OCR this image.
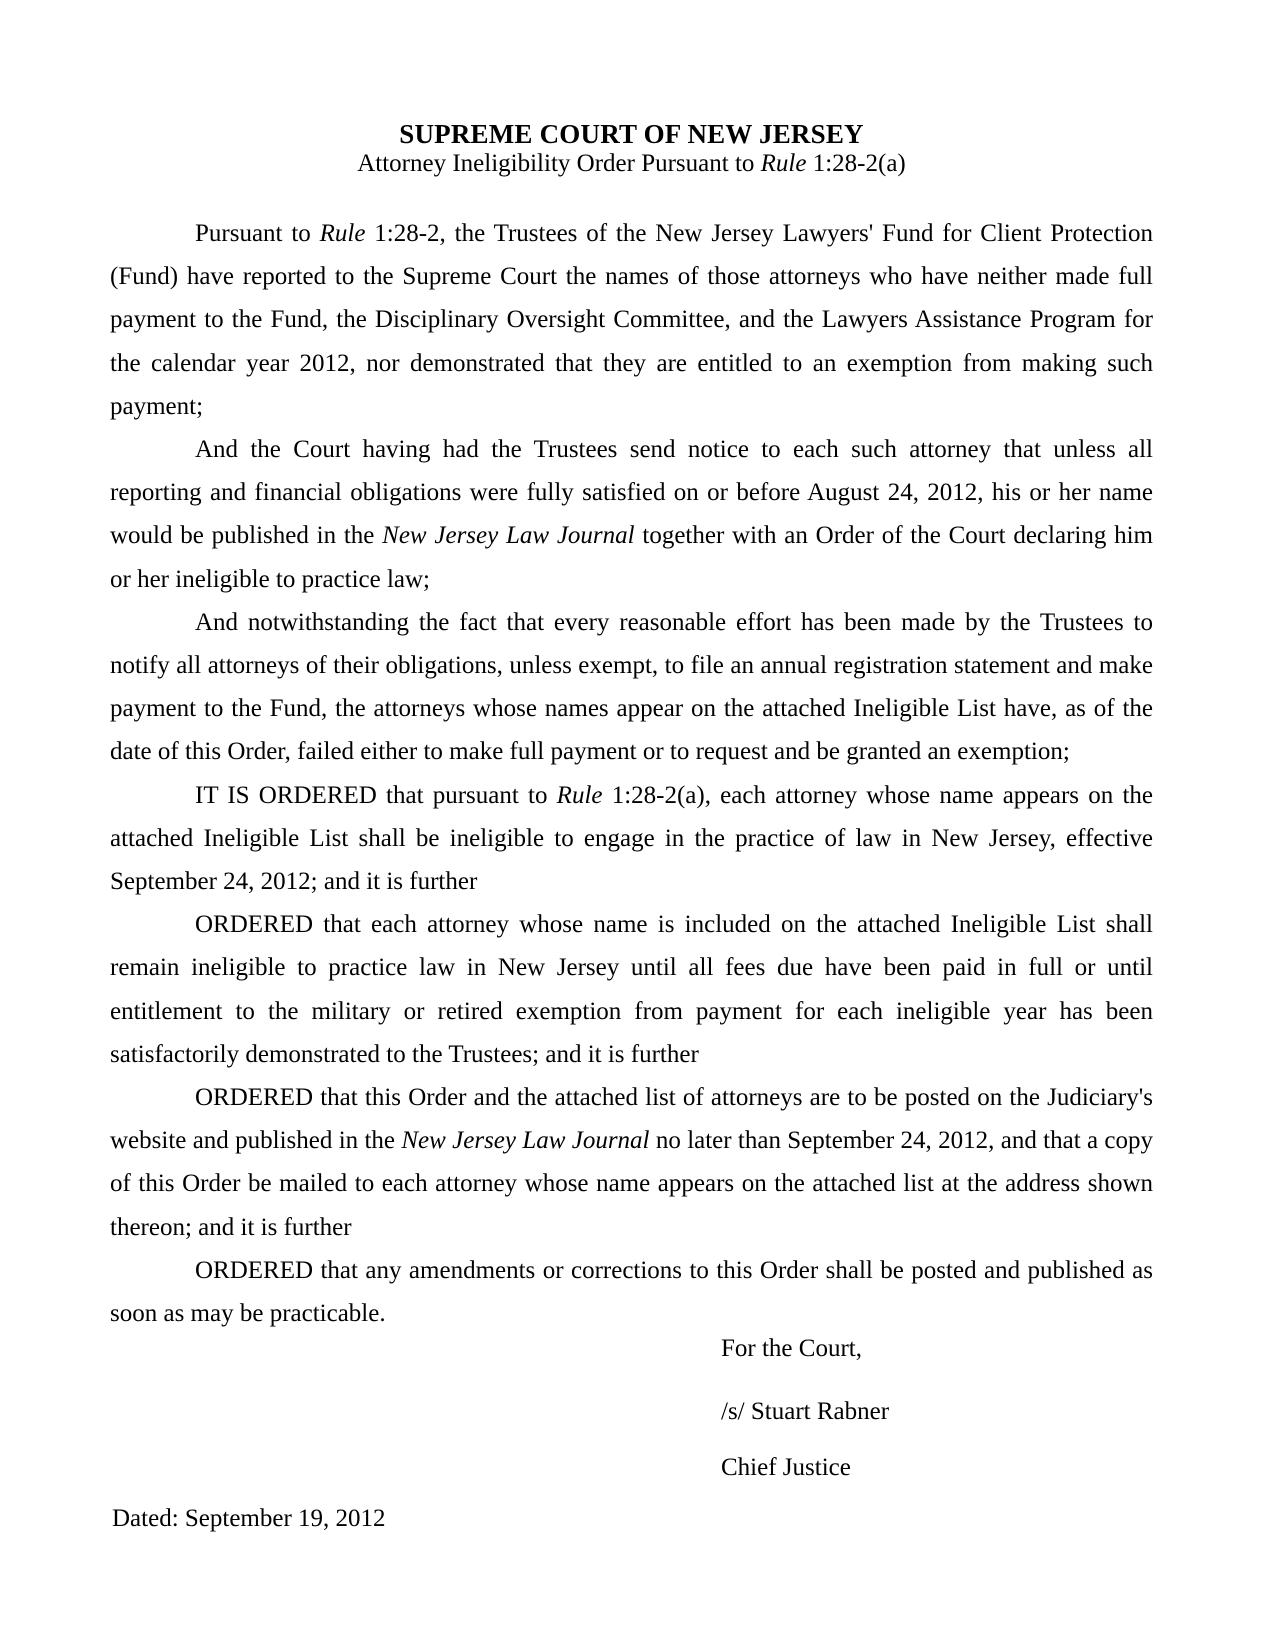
SUPREME COURT OF NEW JERSEY
Attorney Ineligibility Order Pursuant to Rule 1:28-2(a)

Pursuant to Rule 1:28-2, the Trustees of the New Jersey Lawyers' Fund for Client Protection (Fund) have reported to the Supreme Court the names of those attorneys who have neither made full payment to the Fund, the Disciplinary Oversight Committee, and the Lawyers Assistance Program for the calendar year 2012, nor demonstrated that they are entitled to an exemption from making such payment;

And the Court having had the Trustees send notice to each such attorney that unless all reporting and financial obligations were fully satisfied on or before August 24, 2012, his or her name would be published in the New Jersey Law Journal together with an Order of the Court declaring him or her ineligible to practice law;

And notwithstanding the fact that every reasonable effort has been made by the Trustees to notify all attorneys of their obligations, unless exempt, to file an annual registration statement and make payment to the Fund, the attorneys whose names appear on the attached Ineligible List have, as of the date of this Order, failed either to make full payment or to request and be granted an exemption;

IT IS ORDERED that pursuant to Rule 1:28-2(a), each attorney whose name appears on the attached Ineligible List shall be ineligible to engage in the practice of law in New Jersey, effective September 24, 2012; and it is further

ORDERED that each attorney whose name is included on the attached Ineligible List shall remain ineligible to practice law in New Jersey until all fees due have been paid in full or until entitlement to the military or retired exemption from payment for each ineligible year has been satisfactorily demonstrated to the Trustees; and it is further

ORDERED that this Order and the attached list of attorneys are to be posted on the Judiciary's website and published in the New Jersey Law Journal no later than September 24, 2012, and that a copy of this Order be mailed to each attorney whose name appears on the attached list at the address shown thereon; and it is further

ORDERED that any amendments or corrections to this Order shall be posted and published as soon as may be practicable.

For the Court,
/s/ Stuart Rabner
Chief Justice
Dated: September 19, 2012
